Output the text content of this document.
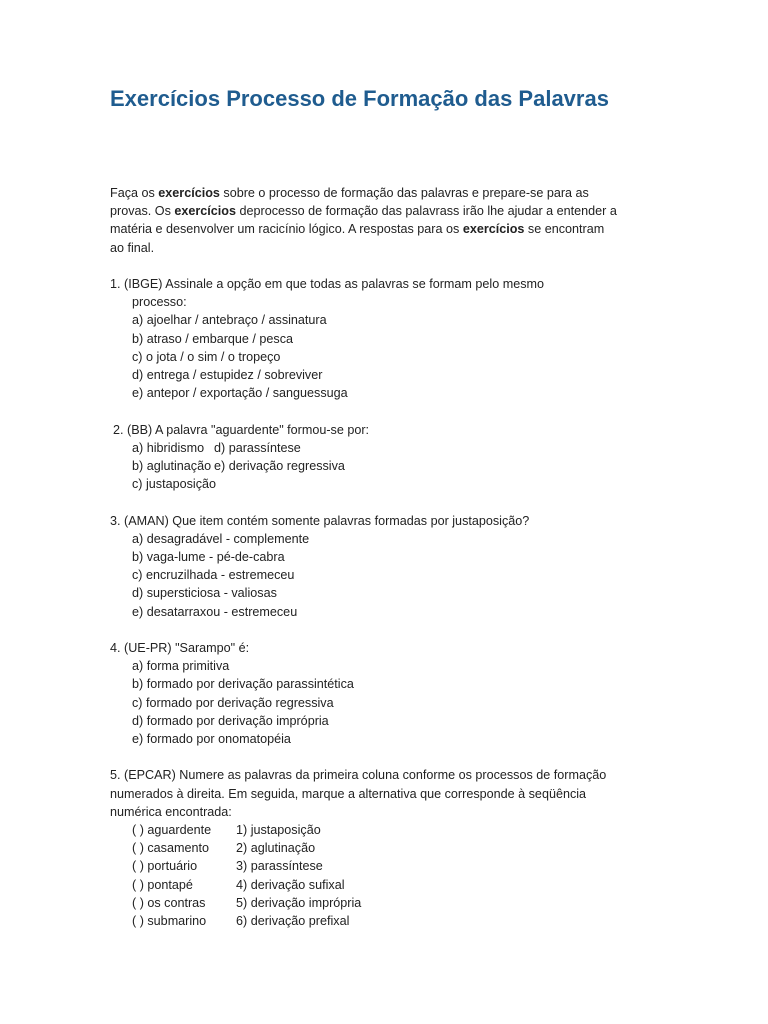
Exercícios Processo de Formação das Palavras
Faça os exercícios sobre o processo de formação das palavras e prepare-se para as
provas. Os exercícios deprocesso de formação das palavrass irão lhe ajudar a entender a
matéria e desenvolver um racicínio lógico. A respostas para os exercícios se encontram
ao final.
1. (IBGE) Assinale a opção em que todas as palavras se formam pelo mesmo
processo:
a) ajoelhar / antebraço / assinatura
b) atraso / embarque / pesca
c) o jota / o sim / o tropeço
d) entrega / estupidez / sobreviver
e) antepor / exportação / sanguessuga
2. (BB) A palavra "aguardente" formou-se por:
a) hibridismo d) parassíntese
b) aglutinação e) derivação regressiva
c) justaposição
3. (AMAN) Que item contém somente palavras formadas por justaposição?
a) desagradável - complemente
b) vaga-lume - pé-de-cabra
c) encruzilhada - estremeceu
d) supersticiosa - valiosas
e) desatarraxou - estremeceu
4. (UE-PR) "Sarampo" é:
a) forma primitiva
b) formado por derivação parassintética
c) formado por derivação regressiva
d) formado por derivação imprópria
e) formado por onomatopéia
5. (EPCAR) Numere as palavras da primeira coluna conforme os processos de formação
numerados à direita. Em seguida, marque a alternativa que corresponde à seqüência
numérica encontrada:
( ) aguardente 1) justaposição
( ) casamento 2) aglutinação
( ) portuário	3) parassíntese
( ) pontapé	4) derivação sufixal
( ) os contras 5) derivação imprópria
( ) submarino 6) derivação prefixal
